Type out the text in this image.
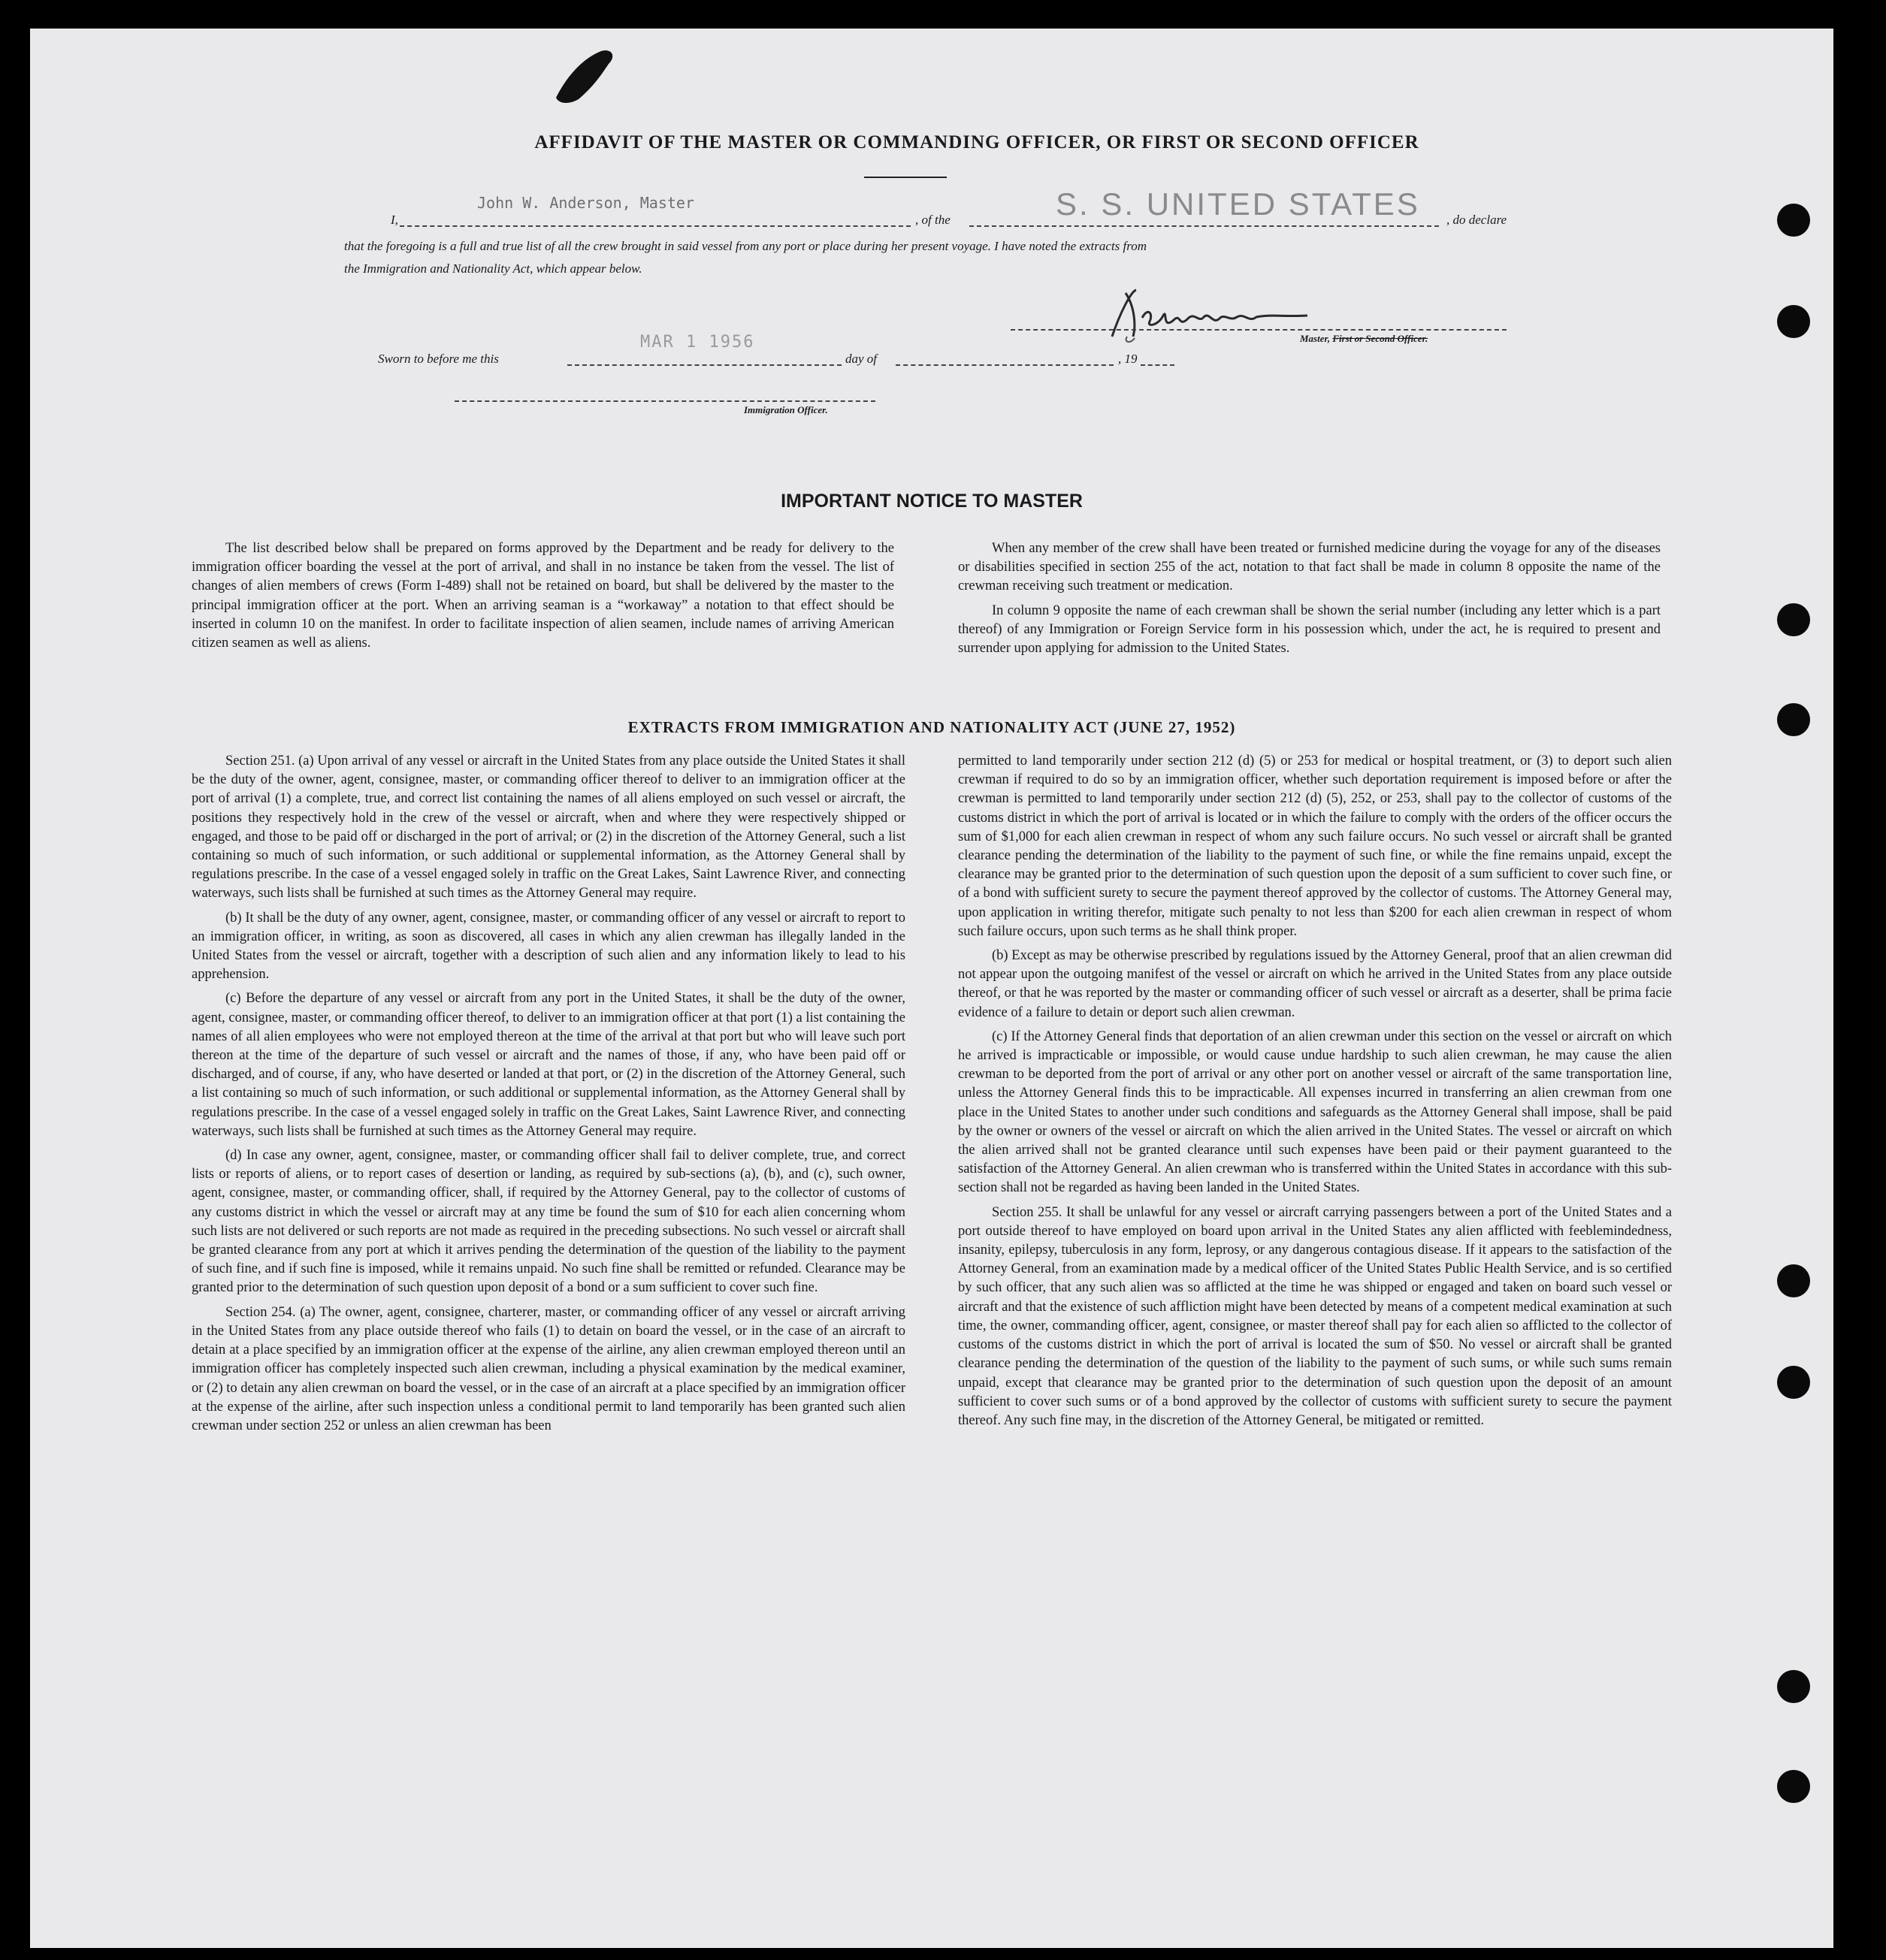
AFFIDAVIT OF THE MASTER OR COMMANDING OFFICER, OR FIRST OR SECOND OFFICER
I,
John W. Anderson, Master
, of the	S. S. UNITED STATES , do declare
that the foregoing is a full and true list of all the crew brought in said vessel from any port or place during her present voyage. I have noted the extracts from
the Immigration and Nationality Act, which appear below.
Master, First or Second Officer.
Sworn to before me this
MAR 1 1956
day of	, 19
Immigration Officer.
IMPORTANT NOTICE TO MASTER

The list described below shall be prepared on forms approved by the Department and be ready for delivery to the immigration officer boarding the vessel at the port of arrival, and shall in no instance be taken from the vessel. The list of changes of alien members of crews (Form I-489) shall not be retained on board, but shall be delivered by the master to the principal immigration officer at the port. When an arriving seaman is a “workaway” a notation to that effect should be inserted in column 10 on the manifest. In order to facilitate inspection of alien seamen, include names of arriving American citizen seamen as well as aliens.

When any member of the crew shall have been treated or furnished medicine during the voyage for any of the diseases or disabilities specified in section 255 of the act, notation to that fact shall be made in column 8 opposite the name of the crewman receiving such treatment or medication.

In column 9 opposite the name of each crewman shall be shown the serial number (including any letter which is a part thereof) of any Immigration or Foreign Service form in his possession which, under the act, he is required to present and surrender upon applying for admission to the United States.

EXTRACTS FROM IMMIGRATION AND NATIONALITY ACT (JUNE 27, 1952)

Section 251. (a) Upon arrival of any vessel or aircraft in the United States from any place outside the United States it shall be the duty of the owner, agent, consignee, master, or commanding officer thereof to deliver to an immigration officer at the port of arrival (1) a complete, true, and correct list containing the names of all aliens employed on such vessel or aircraft, the positions they respectively hold in the crew of the vessel or aircraft, when and where they were respectively shipped or engaged, and those to be paid off or discharged in the port of arrival; or (2) in the discretion of the Attorney General, such a list containing so much of such information, or such additional or supplemental information, as the Attorney General shall by regulations prescribe. In the case of a vessel engaged solely in traffic on the Great Lakes, Saint Lawrence River, and connecting waterways, such lists shall be furnished at such times as the Attorney General may require.

(b) It shall be the duty of any owner, agent, consignee, master, or commanding officer of any vessel or aircraft to report to an immigration officer, in writing, as soon as discovered, all cases in which any alien crewman has illegally landed in the United States from the vessel or aircraft, together with a description of such alien and any information likely to lead to his apprehension.

(c) Before the departure of any vessel or aircraft from any port in the United States, it shall be the duty of the owner, agent, consignee, master, or commanding officer thereof, to deliver to an immigration officer at that port (1) a list containing the names of all alien employees who were not employed thereon at the time of the arrival at that port but who will leave such port thereon at the time of the departure of such vessel or aircraft and the names of those, if any, who have been paid off or discharged, and of course, if any, who have deserted or landed at that port, or (2) in the discretion of the Attorney General, such a list containing so much of such information, or such additional or supplemental information, as the Attorney General shall by regulations prescribe. In the case of a vessel engaged solely in traffic on the Great Lakes, Saint Lawrence River, and connecting waterways, such lists shall be furnished at such times as the Attorney General may require.

(d) In case any owner, agent, consignee, master, or commanding officer shall fail to deliver complete, true, and correct lists or reports of aliens, or to report cases of desertion or landing, as required by sub-sections (a), (b), and (c), such owner, agent, consignee, master, or commanding officer, shall, if required by the Attorney General, pay to the collector of customs of any customs district in which the vessel or aircraft may at any time be found the sum of $10 for each alien concerning whom such lists are not delivered or such reports are not made as required in the preceding subsections. No such vessel or aircraft shall be granted clearance from any port at which it arrives pending the determination of the question of the liability to the payment of such fine, and if such fine is imposed, while it remains unpaid. No such fine shall be remitted or refunded. Clearance may be granted prior to the determination of such question upon deposit of a bond or a sum sufficient to cover such fine.

Section 254. (a) The owner, agent, consignee, charterer, master, or commanding officer of any vessel or aircraft arriving in the United States from any place outside thereof who fails (1) to detain on board the vessel, or in the case of an aircraft to detain at a place specified by an immigration officer at the expense of the airline, any alien crewman employed thereon until an immigration officer has completely inspected such alien crewman, including a physical examination by the medical examiner, or (2) to detain any alien crewman on board the vessel, or in the case of an aircraft at a place specified by an immigration officer at the expense of the airline, after such inspection unless a conditional permit to land temporarily has been granted such alien crewman under section 252 or unless an alien crewman has been

permitted to land temporarily under section 212 (d) (5) or 253 for medical or hospital treatment, or (3) to deport such alien crewman if required to do so by an immigration officer, whether such deportation requirement is imposed before or after the crewman is permitted to land temporarily under section 212 (d) (5), 252, or 253, shall pay to the collector of customs of the customs district in which the port of arrival is located or in which the failure to comply with the orders of the officer occurs the sum of $1,000 for each alien crewman in respect of whom any such failure occurs. No such vessel or aircraft shall be granted clearance pending the determination of the liability to the payment of such fine, or while the fine remains unpaid, except the clearance may be granted prior to the determination of such question upon the deposit of a sum sufficient to cover such fine, or of a bond with sufficient surety to secure the payment thereof approved by the collector of customs. The Attorney General may, upon application in writing therefor, mitigate such penalty to not less than $200 for each alien crewman in respect of whom such failure occurs, upon such terms as he shall think proper.

(b) Except as may be otherwise prescribed by regulations issued by the Attorney General, proof that an alien crewman did not appear upon the outgoing manifest of the vessel or aircraft on which he arrived in the United States from any place outside thereof, or that he was reported by the master or commanding officer of such vessel or aircraft as a deserter, shall be prima facie evidence of a failure to detain or deport such alien crewman.

(c) If the Attorney General finds that deportation of an alien crewman under this section on the vessel or aircraft on which he arrived is impracticable or impossible, or would cause undue hardship to such alien crewman, he may cause the alien crewman to be deported from the port of arrival or any other port on another vessel or aircraft of the same transportation line, unless the Attorney General finds this to be impracticable. All expenses incurred in transferring an alien crewman from one place in the United States to another under such conditions and safeguards as the Attorney General shall impose, shall be paid by the owner or owners of the vessel or aircraft on which the alien arrived in the United States. The vessel or aircraft on which the alien arrived shall not be granted clearance until such expenses have been paid or their payment guaranteed to the satisfaction of the Attorney General. An alien crewman who is transferred within the United States in accordance with this sub-section shall not be regarded as having been landed in the United States.

Section 255. It shall be unlawful for any vessel or aircraft carrying passengers between a port of the United States and a port outside thereof to have employed on board upon arrival in the United States any alien afflicted with feeblemindedness, insanity, epilepsy, tuberculosis in any form, leprosy, or any dangerous contagious disease. If it appears to the satisfaction of the Attorney General, from an examination made by a medical officer of the United States Public Health Service, and is so certified by such officer, that any such alien was so afflicted at the time he was shipped or engaged and taken on board such vessel or aircraft and that the existence of such affliction might have been detected by means of a competent medical examination at such time, the owner, commanding officer, agent, consignee, or master thereof shall pay for each alien so afflicted to the collector of customs of the customs district in which the port of arrival is located the sum of $50. No vessel or aircraft shall be granted clearance pending the determination of the question of the liability to the payment of such sums, or while such sums remain unpaid, except that clearance may be granted prior to the determination of such question upon the deposit of an amount sufficient to cover such sums or of a bond approved by the collector of customs with sufficient surety to secure the payment thereof. Any such fine may, in the discretion of the Attorney General, be mitigated or remitted.
